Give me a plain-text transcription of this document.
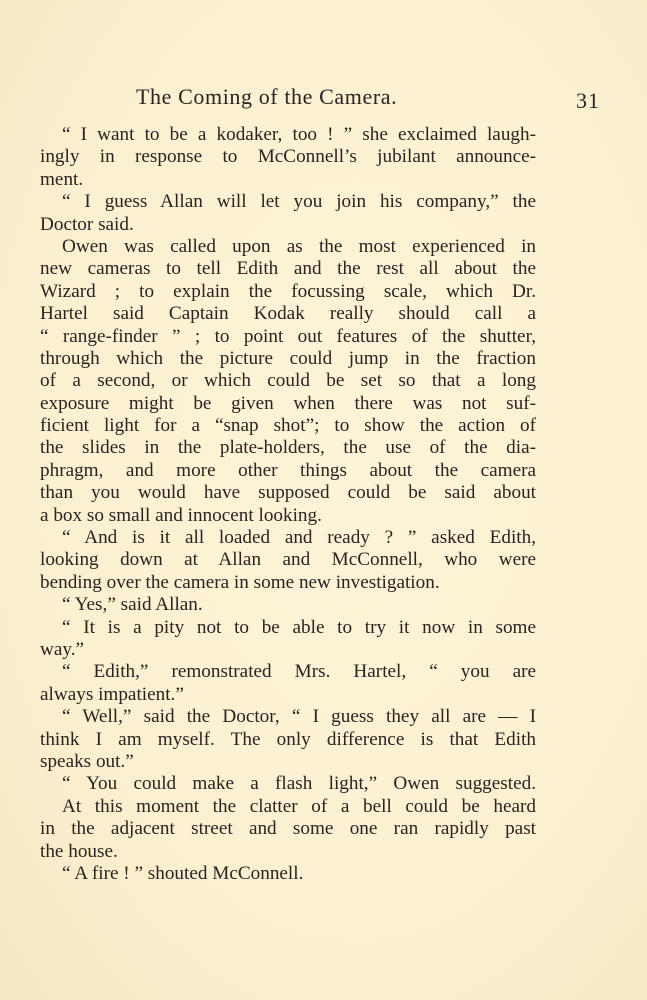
The Coming of the Camera.	31
“ I want to be a kodaker, too ! ” she exclaimed laugh-
ingly in response to McConnell’s jubilant announce-
ment.
“ I guess Allan will let you join his company,” the
Doctor said.
Owen was called upon as the most experienced in
new cameras to tell Edith and the rest all about the
Wizard ; to explain the focussing scale, which Dr.
Hartel said Captain Kodak really should call a
“ range-finder ” ; to point out features of the shutter,
through which the picture could jump in the fraction
of a second, or which could be set so that a long
exposure might be given when there was not suf-
ficient light for a “snap shot”; to show the action of
the slides in the plate-holders, the use of the dia-
phragm, and more other things about the camera
than you would have supposed could be said about
a box so small and innocent looking.
“ And is it all loaded and ready ? ” asked Edith,
looking down at Allan and McConnell, who were
bending over the camera in some new investigation.
“ Yes,” said Allan.
“ It is a pity not to be able to try it now in some
way.”
“ Edith,” remonstrated Mrs. Hartel, “ you are
always impatient.”
“ Well,” said the Doctor, “ I guess they all are — I
think I am myself. The only difference is that Edith
speaks out.”
“ You could make a flash light,” Owen suggested.
At this moment the clatter of a bell could be heard
in the adjacent street and some one ran rapidly past
the house.
“ A fire ! ” shouted McConnell.
